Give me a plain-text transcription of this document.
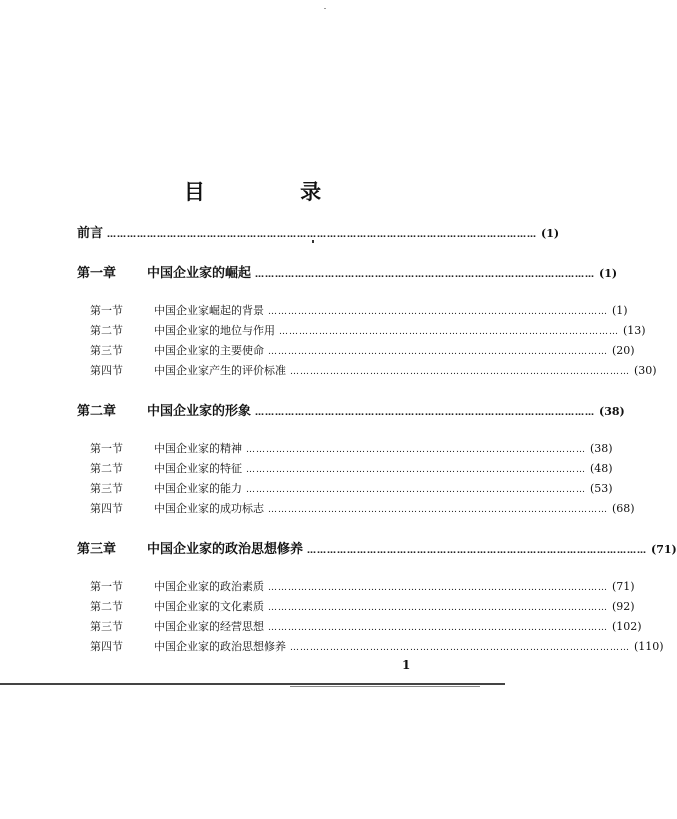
目 录
前言 ………………………………………………………………………………………………………………… (1)
第一章	中国企业家的崛起 ………………………………………………………………………………………… (1)
第一节	中国企业家崛起的背景 ………………………………………………………………………………………… (1)
第二节	中国企业家的地位与作用 ………………………………………………………………………………………… (13)
第三节	中国企业家的主要使命 ………………………………………………………………………………………… (20)
第四节	中国企业家产生的评价标准 ………………………………………………………………………………………… (30)
第二章	中国企业家的形象 ………………………………………………………………………………………… (38)
第一节	中国企业家的精神 ………………………………………………………………………………………… (38)
第二节	中国企业家的特征 ………………………………………………………………………………………… (48)
第三节	中国企业家的能力 ………………………………………………………………………………………… (53)
第四节	中国企业家的成功标志 ………………………………………………………………………………………… (68)
第三章	中国企业家的政治思想修养 ………………………………………………………………………………………… (71)
第一节	中国企业家的政治素质 ………………………………………………………………………………………… (71)
第二节	中国企业家的文化素质 ………………………………………………………………………………………… (92)
第三节	中国企业家的经营思想 ………………………………………………………………………………………… (102)
第四节	中国企业家的政治思想修养 ………………………………………………………………………………………… (110)
1
